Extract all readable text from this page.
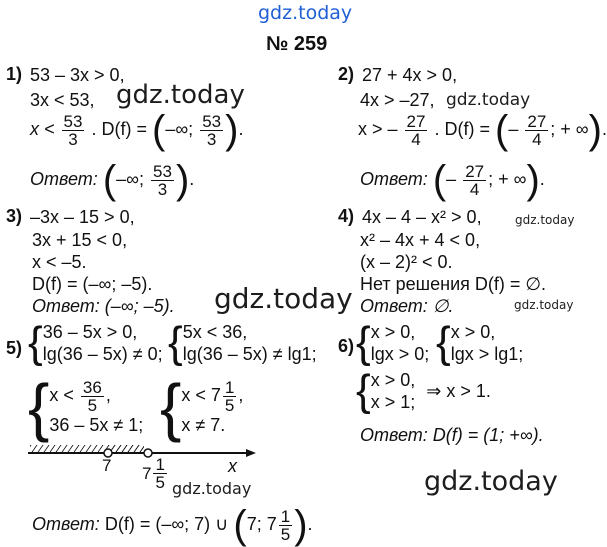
gdz.today
gdz.today	gdz.today
gdz.today
gdz.today	gdz.today
gdz.today
gdz.today
№ 259
1) 53 – 3x > 0,
3x < 53,
$x < \frac{53}{3}$ . D(f) = (–∞; $\frac{53}{3}$ ).
Ответ: (–∞; $\frac{53}{3}$ ).
2) 27 + 4x > 0,
4x > –27,
x > – $\frac{27}{4}$ . D(f) = (– $\frac{27}{4}$ ; + ∞).
Ответ: (– $\frac{27}{4}$ ; + ∞).
3) –3x – 15 > 0,
3x + 15 < 0,
x < –5.
D(f) = (–∞; –5).
Ответ: (–∞; –5).
4) 4x – 4 – x² > 0,
x² – 4x + 4 < 0,
(x – 2)² < 0.
Нет решения D(f) = ∅.
Ответ: ∅.
5) { 36 – 5x > 0,
lg(36 – 5x) ≠ 0; { 5x < 36,
lg(36 – 5x) ≠ lg1;
{ $x < \frac{36}{5}$ ,
36 – 5x ≠ 1; { $x < 7 \frac{1}{5}$ ,
x ≠ 7.
7 $7 \frac{1}{5}$	x
Ответ: D(f) = (–∞; 7) ∪ (7; $7 \frac{1}{5}$ ).
6) { x > 0,
lgx > 0; { x > 0,
lgx > lg1;
{ x > 0,
x > 1;
⇒ x > 1.
Ответ: D(f) = (1; +∞).
